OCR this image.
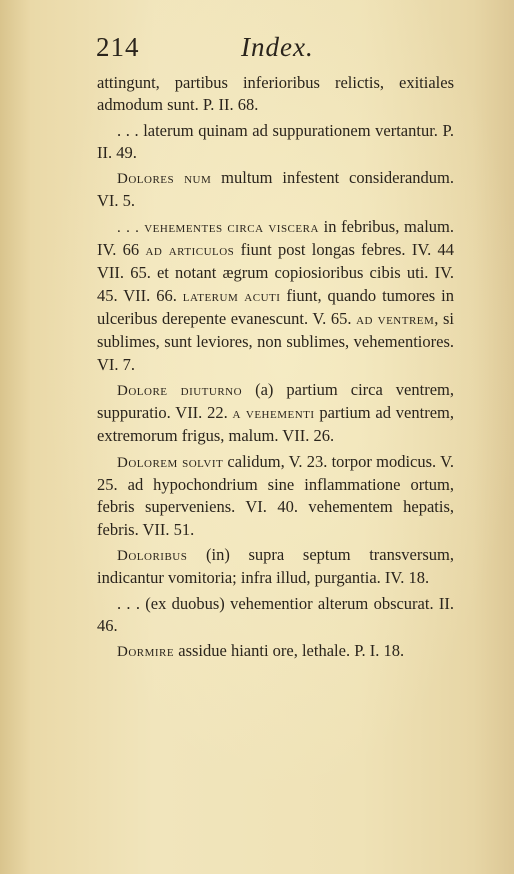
214	Index.

attingunt, partibus inferioribus relictis, exitiales admodum sunt. P. II. 68.

. . . laterum quinam ad suppurationem vertantur. P. II. 49.

Dolores num multum infestent considerandum. VI. 5.

. . . vehementes circa viscera in febribus, malum. IV. 66 ad articulos fiunt post longas febres. IV. 44 VII. 65. et notant ægrum copiosioribus cibis uti. IV. 45. VII. 66. laterum acuti fiunt, quando tumores in ulceribus derepente evanescunt. V. 65. ad ventrem, si sublimes, sunt leviores, non sublimes, vehementiores. VI. 7.

Dolore diuturno (a) partium circa ventrem, suppuratio. VII. 22. a vehementi partium ad ventrem, extremorum frigus, malum. VII. 26.

Dolorem solvit calidum, V. 23. torpor modicus. V. 25. ad hypochondrium sine inflammatione ortum, febris superveniens. VI. 40. vehementem hepatis, febris. VII. 51.

Doloribus (in) supra septum transversum, indicantur vomitoria; infra illud, purgantia. IV. 18.

. . . (ex duobus) vehementior alterum obscurat. II. 46.

Dormire assidue hianti ore, lethale. P. I. 18.
